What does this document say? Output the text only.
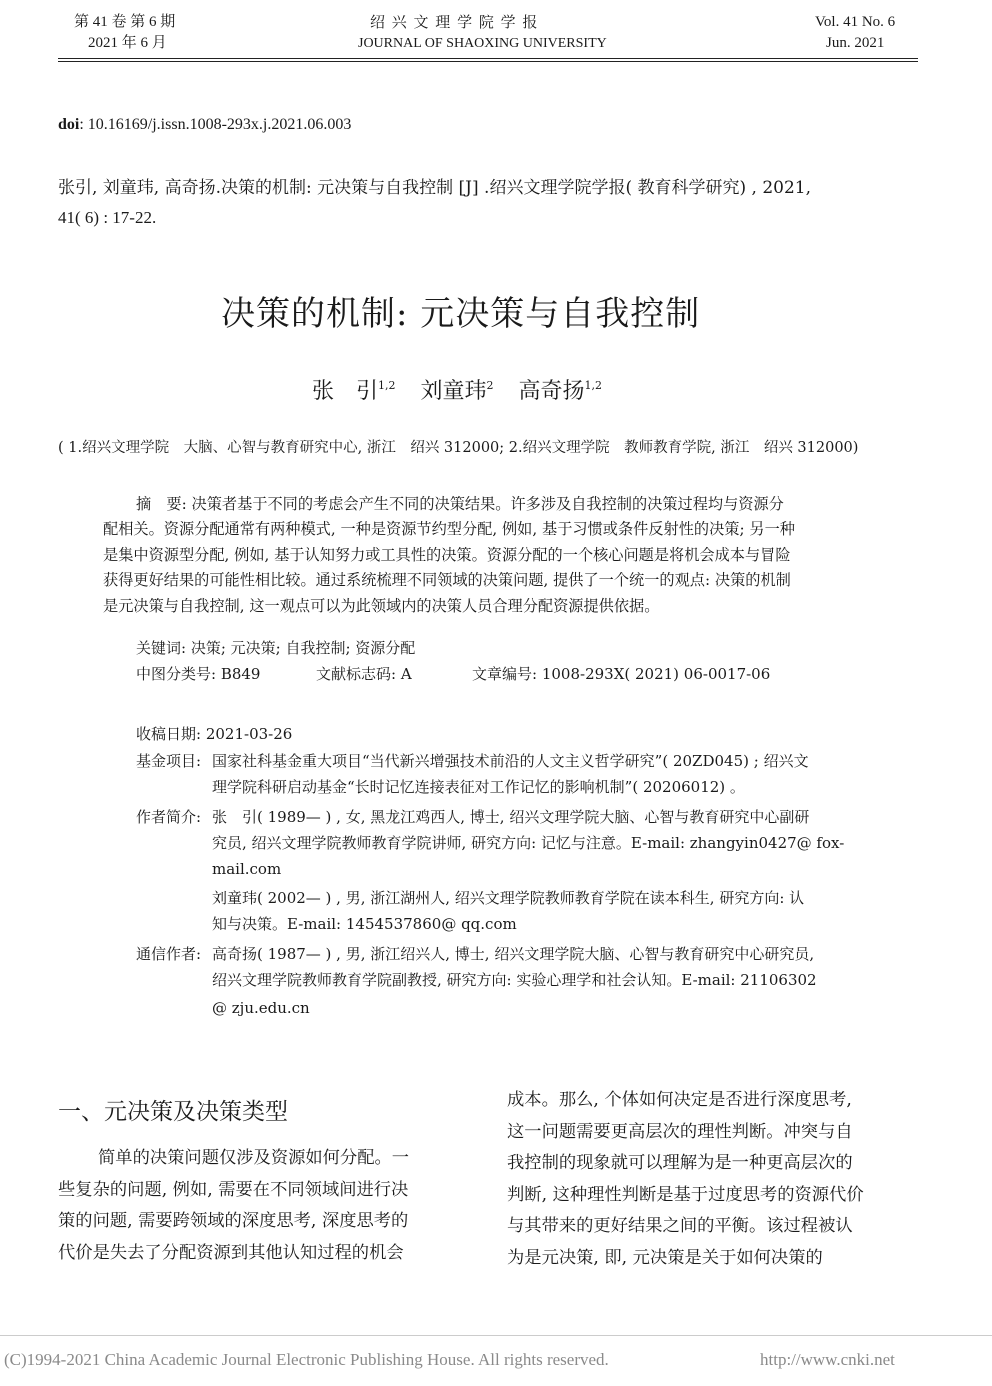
第 41 卷 第 6 期
2021 年 6 月
绍 兴 文 理 学 院 学 报
JOURNAL OF SHAOXING UNIVERSITY
Vol. 41 No. 6
Jun. 2021
doi: 10.16169/j.issn.1008-293x.j.2021.06.003
张引, 刘童玮, 高奇扬.决策的机制: 元决策与自我控制 [J] .绍兴文理学院学报( 教育科学研究) , 2021,
41( 6) : 17-22.
决策的机制: 元决策与自我控制
张　引$^{1,2}$ 刘童玮$^2$ 高奇扬$^{1,2}$
( 1.绍兴文理学院　大脑、心智与教育研究中心, 浙江　绍兴 312000; 2.绍兴文理学院　教师教育学院, 浙江　绍兴 312000)
摘　要: 决策者基于不同的考虑会产生不同的决策结果。许多涉及自我控制的决策过程均与资源分
配相关。资源分配通常有两种模式, 一种是资源节约型分配, 例如, 基于习惯或条件反射性的决策; 另一种
是集中资源型分配, 例如, 基于认知努力或工具性的决策。资源分配的一个核心问题是将机会成本与冒险
获得更好结果的可能性相比较。通过系统梳理不同领域的决策问题, 提供了一个统一的观点: 决策的机制
是元决策与自我控制, 这一观点可以为此领域内的决策人员合理分配资源提供依据。
关键词: 决策; 元决策; 自我控制; 资源分配
中图分类号: B849	文献标志码: A	文章编号: 1008-293X( 2021) 06-0017-06
收稿日期: 2021-03-26
基金项目: 国家社科基金重大项目“当代新兴增强技术前沿的人文主义哲学研究”( 20ZD045) ; 绍兴文
理学院科研启动基金“长时记忆连接表征对工作记忆的影响机制”( 20206012) 。
作者简介: 张　引( 1989— ) , 女, 黑龙江鸡西人, 博士, 绍兴文理学院大脑、心智与教育研究中心副研
究员, 绍兴文理学院教师教育学院讲师, 研究方向: 记忆与注意。E-mail: zhangyin0427@ fox-
mail.com
刘童玮( 2002— ) , 男, 浙江湖州人, 绍兴文理学院教师教育学院在读本科生, 研究方向: 认
知与决策。E-mail: 1454537860@ qq.com
通信作者: 高奇扬( 1987— ) , 男, 浙江绍兴人, 博士, 绍兴文理学院大脑、心智与教育研究中心研究员,
绍兴文理学院教师教育学院副教授, 研究方向: 实验心理学和社会认知。E-mail: 21106302
@ zju.edu.cn
一、元决策及决策类型
简单的决策问题仅涉及资源如何分配。一
些复杂的问题, 例如, 需要在不同领域间进行决
策的问题, 需要跨领域的深度思考, 深度思考的
代价是失去了分配资源到其他认知过程的机会
成本。那么, 个体如何决定是否进行深度思考,
这一问题需要更高层次的理性判断。冲突与自
我控制的现象就可以理解为是一种更高层次的
判断, 这种理性判断是基于过度思考的资源代价
与其带来的更好结果之间的平衡。该过程被认
为是元决策, 即, 元决策是关于如何决策的
(C)1994-2021 China Academic Journal Electronic Publishing House. All rights reserved.	http://www.cnki.net
